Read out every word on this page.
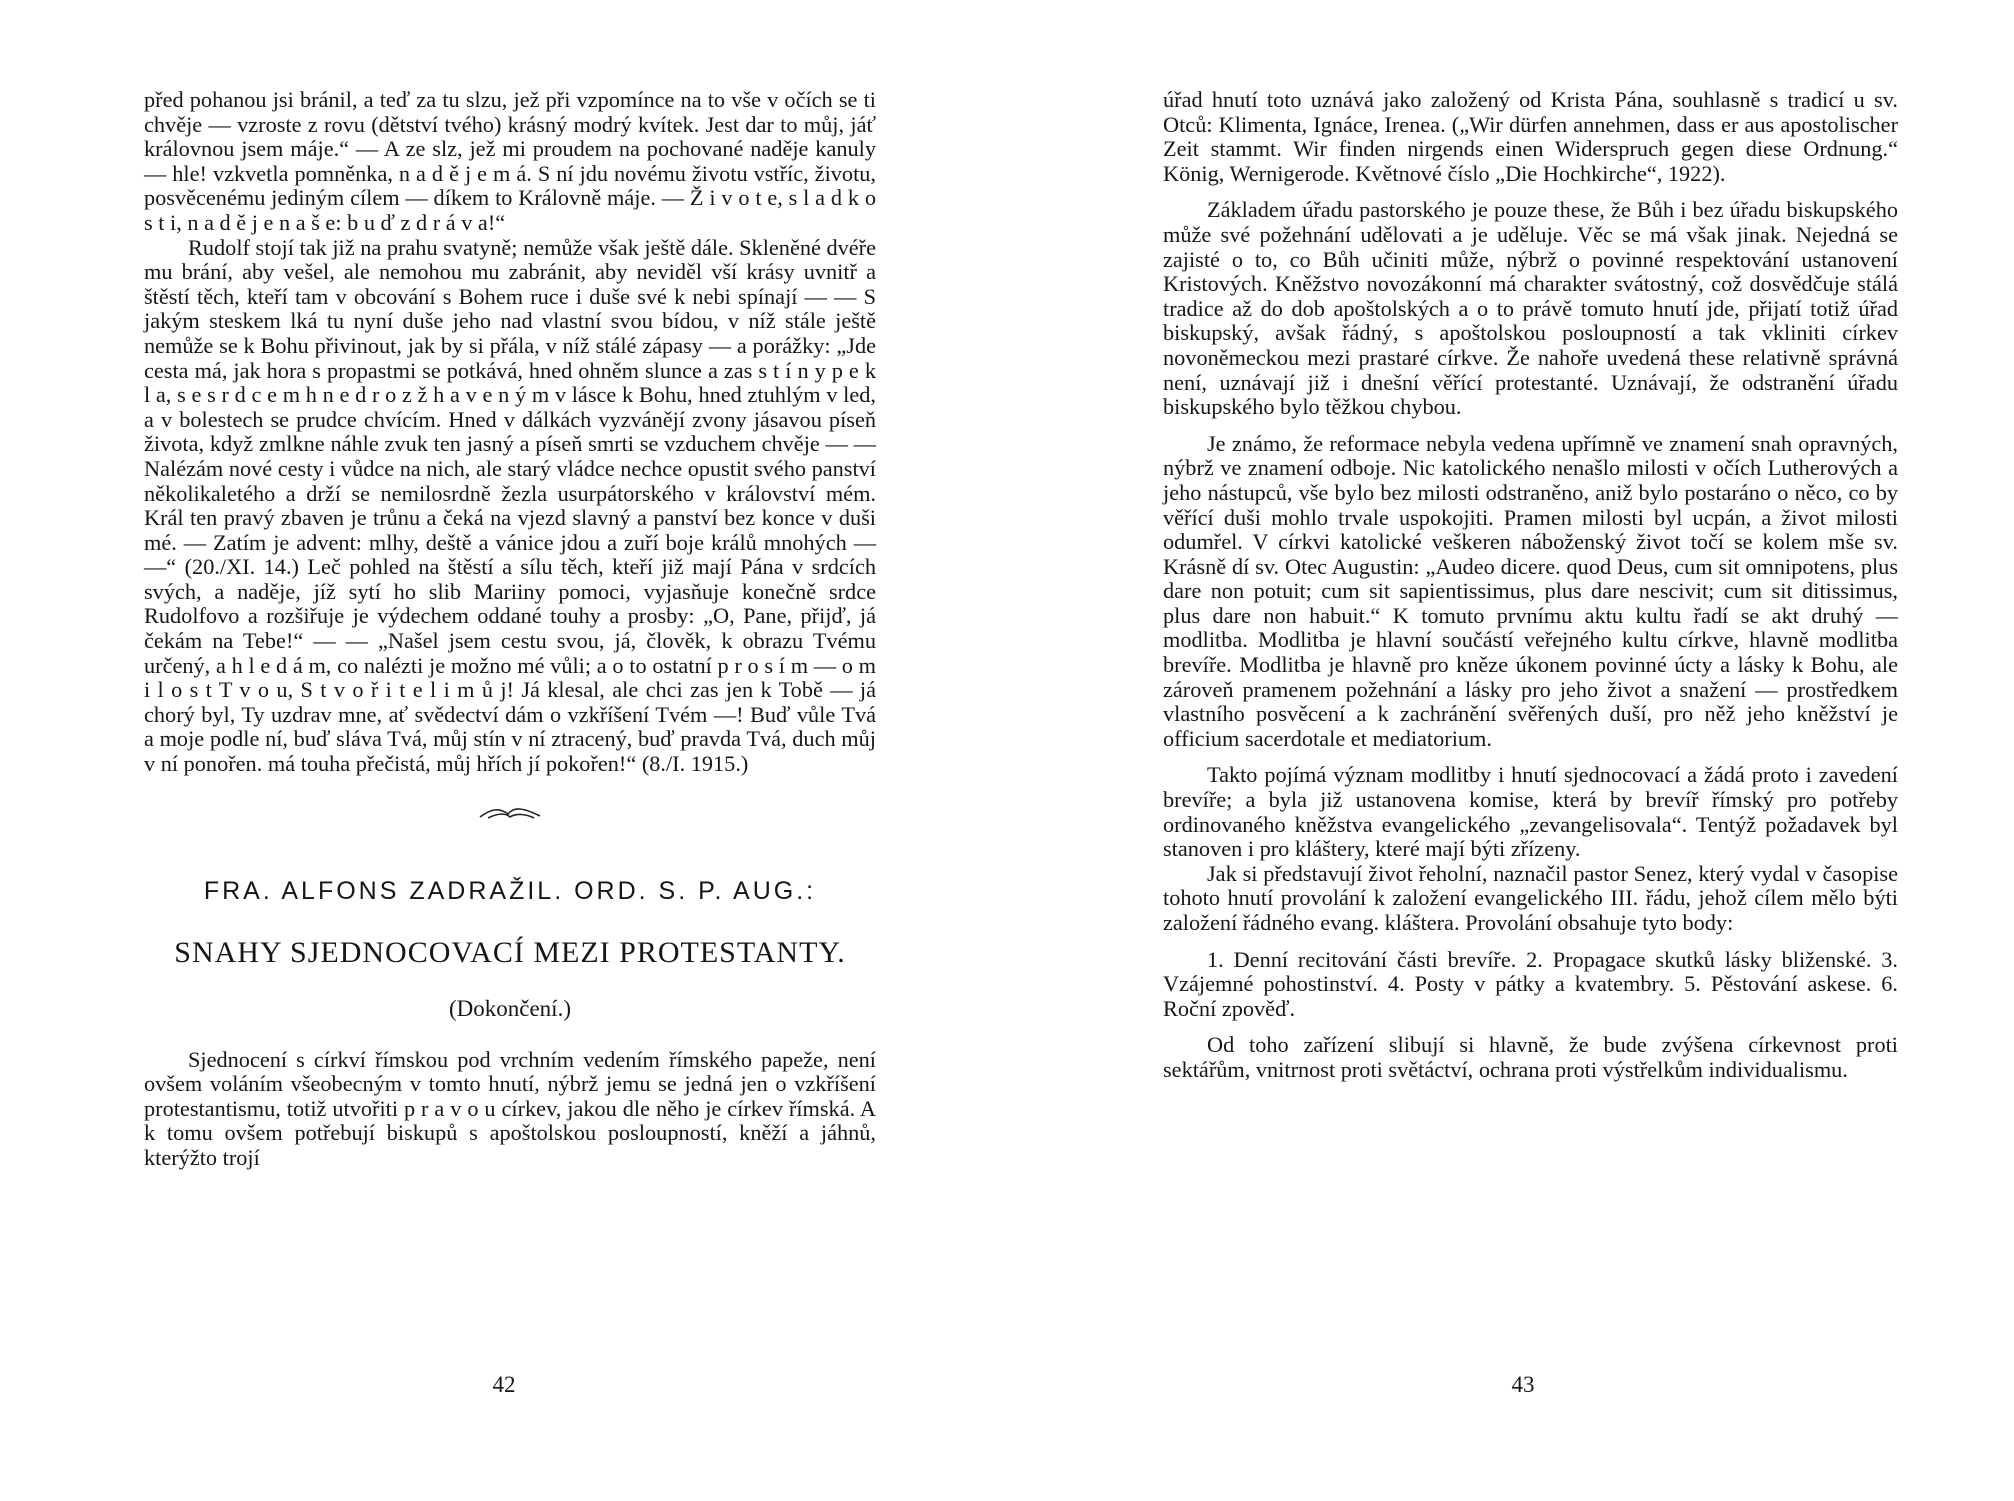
před pohanou jsi bránil, a teď za tu slzu, jež při vzpomínce na to vše v očích se ti chvěje — vzroste z rovu (dětství tvého) krásný modrý kvítek. Jest dar to můj, jáť královnou jsem máje.“ — A ze slz, jež mi proudem na pochované naděje kanuly — hle! vzkvetla pomněnka, n a d ě j e m á. S ní jdu novému životu vstříc, životu, posvěcenému jediným cílem — díkem to Královně máje. — Ž i v o t e, s l a d k o s t i, n a d ě j e n a š e: b u ď z d r á v a!“

Rudolf stojí tak již na prahu svatyně; nemůže však ještě dále. Skleněné dvéře mu brání, aby vešel, ale nemohou mu zabránit, aby neviděl vší krásy uvnitř a štěstí těch, kteří tam v obcování s Bohem ruce i duše své k nebi spínají — — S jakým steskem lká tu nyní duše jeho nad vlastní svou bídou, v níž stále ještě nemůže se k Bohu přivinout, jak by si přála, v níž stálé zápasy — a porážky: „Jde cesta má, jak hora s propastmi se potkává, hned ohněm slunce a zas s t í n y p e k l a, s e s r d c e m h n e d r o z ž h a v e n ý m v lásce k Bohu, hned ztuhlým v led, a v bolestech se prudce chvícím. Hned v dálkách vyzvánějí zvony jásavou píseň života, když zmlkne náhle zvuk ten jasný a píseň smrti se vzduchem chvěje — — Nalézám nové cesty i vůdce na nich, ale starý vládce nechce opustit svého panství několikaletého a drží se nemilosrdně žezla usurpátorského v království mém. Král ten pravý zbaven je trůnu a čeká na vjezd slavný a panství bez konce v duši mé. — Zatím je advent: mlhy, deště a vánice jdou a zuří boje králů mnohých — —“ (20./XI. 14.) Leč pohled na štěstí a sílu těch, kteří již mají Pána v srdcích svých, a naděje, jíž sytí ho slib Mariiny pomoci, vyjasňuje konečně srdce Rudolfovo a rozšiřuje je výdechem oddané touhy a prosby: „O, Pane, přijď, já čekám na Tebe!“ — — „Našel jsem cestu svou, já, člověk, k obrazu Tvému určený, a h l e d á m, co nalézti je možno mé vůli; a o to ostatní p r o s í m — o m i l o s t T v o u, S t v o ř i t e l i m ů j! Já klesal, ale chci zas jen k Tobě — já chorý byl, Ty uzdrav mne, ať svědectví dám o vzkříšení Tvém —! Buď vůle Tvá a moje podle ní, buď sláva Tvá, můj stín v ní ztracený, buď pravda Tvá, duch můj v ní ponořen. má touha přečistá, můj hřích jí pokořen!“ (8./I. 1915.)

FRA. ALFONS ZADRAŽIL. ORD. S. P. AUG.:
SNAHY SJEDNOCOVACÍ MEZI PROTESTANTY.
(Dokončení.)

Sjednocení s církví římskou pod vrchním vedením římského papeže, není ovšem voláním všeobecným v tomto hnutí, nýbrž jemu se jedná jen o vzkříšení protestantismu, totiž utvořiti p r a v o u církev, jakou dle něho je církev římská. A k tomu ovšem potřebují biskupů s apoštolskou posloupností, kněží a jáhnů, kterýžto trojí

úřad hnutí toto uznává jako založený od Krista Pána, souhlasně s tradicí u sv. Otců: Klimenta, Ignáce, Irenea. („Wir dürfen annehmen, dass er aus apostolischer Zeit stammt. Wir finden nirgends einen Widerspruch gegen diese Ordnung.“ König, Wernigerode. Květnové číslo „Die Hochkirche“, 1922).

Základem úřadu pastorského je pouze these, že Bůh i bez úřadu biskupského může své požehnání udělovati a je uděluje. Věc se má však jinak. Nejedná se zajisté o to, co Bůh učiniti může, nýbrž o povinné respektování ustanovení Kristových. Kněžstvo novozákonní má charakter svátostný, což dosvědčuje stálá tradice až do dob apoštolských a o to právě tomuto hnutí jde, přijatí totiž úřad biskupský, avšak řádný, s apoštolskou posloupností a tak vkliniti církev novoněmeckou mezi prastaré církve. Že nahoře uvedená these relativně správná není, uznávají již i dnešní věřící protestanté. Uznávají, že odstranění úřadu biskupského bylo těžkou chybou.

Je známo, že reformace nebyla vedena upřímně ve znamení snah opravných, nýbrž ve znamení odboje. Nic katolického nenašlo milosti v očích Lutherových a jeho nástupců, vše bylo bez milosti odstraněno, aniž bylo postaráno o něco, co by věřící duši mohlo trvale uspokojiti. Pramen milosti byl ucpán, a život milosti odumřel. V církvi katolické veškeren náboženský život točí se kolem mše sv. Krásně dí sv. Otec Augustin: „Audeo dicere. quod Deus, cum sit omnipotens, plus dare non potuit; cum sit sapientissimus, plus dare nescivit; cum sit ditissimus, plus dare non habuit.“ K tomuto prvnímu aktu kultu řadí se akt druhý — modlitba. Modlitba je hlavní součástí veřejného kultu církve, hlavně modlitba brevíře. Modlitba je hlavně pro kněze úkonem povinné úcty a lásky k Bohu, ale zároveň pramenem požehnání a lásky pro jeho život a snažení — prostředkem vlastního posvěcení a k zachránění svěřených duší, pro něž jeho kněžství je officium sacerdotale et mediatorium.

Takto pojímá význam modlitby i hnutí sjednocovací a žádá proto i zavedení brevíře; a byla již ustanovena komise, která by brevíř římský pro potřeby ordinovaného kněžstva evangelického „zevangelisovala“. Tentýž požadavek byl stanoven i pro kláštery, které mají býti zřízeny.

Jak si představují život řeholní, naznačil pastor Senez, který vydal v časopise tohoto hnutí provolání k založení evangelického III. řádu, jehož cílem mělo býti založení řádného evang. kláštera. Provolání obsahuje tyto body:

1. Denní recitování části brevíře. 2. Propagace skutků lásky bliženské. 3. Vzájemné pohostinství. 4. Posty v pátky a kvatembry. 5. Pěstování askese. 6. Roční zpověď.

Od toho zařízení slibují si hlavně, že bude zvýšena církevnost proti sektářům, vnitrnost proti světáctví, ochrana proti výstřelkům individualismu.

42	43
